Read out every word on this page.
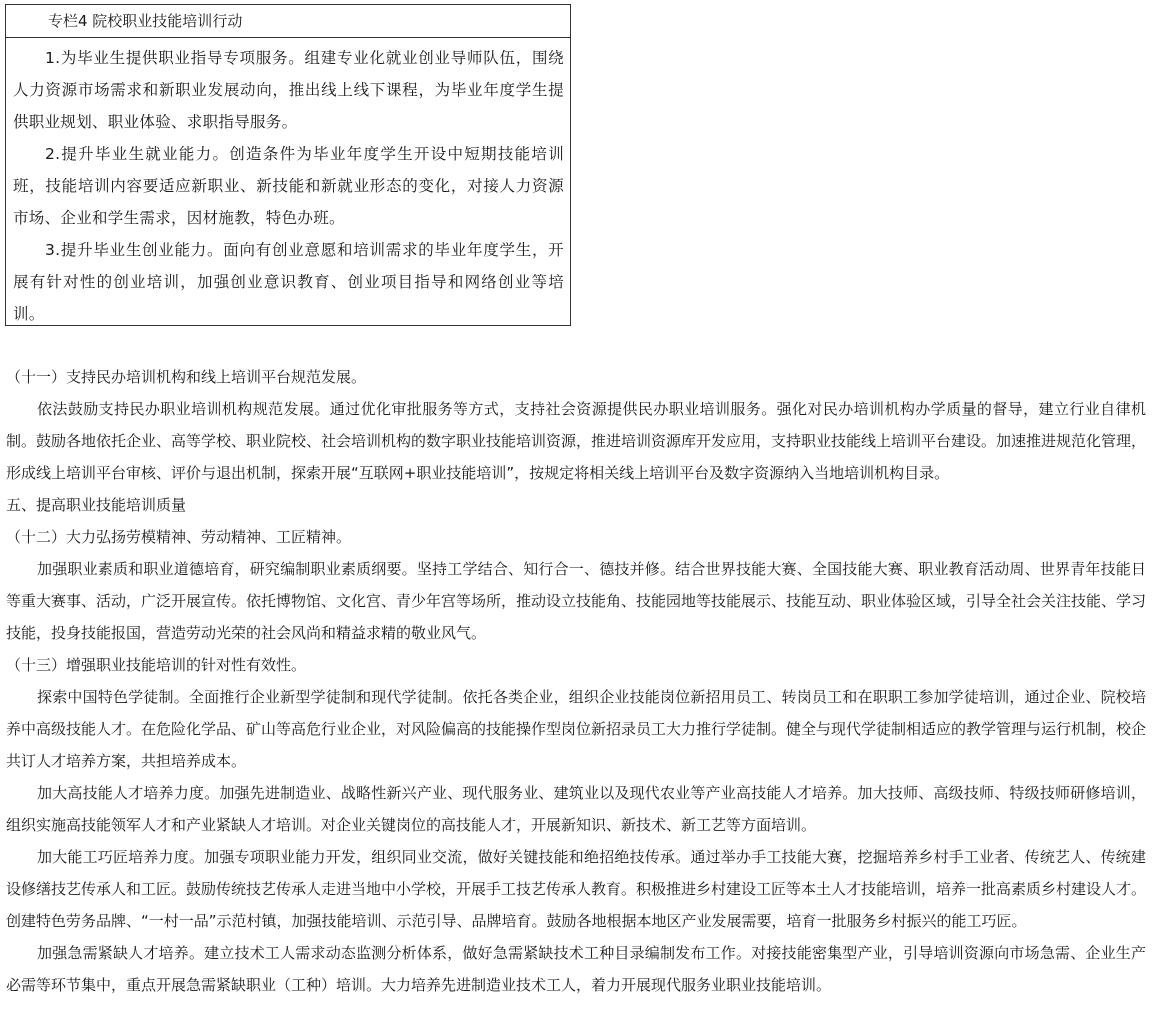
专栏4 院校职业技能培训行动

1.为毕业生提供职业指导专项服务。组建专业化就业创业导师队伍，围绕人力资源市场需求和新职业发展动向，推出线上线下课程，为毕业年度学生提供职业规划、职业体验、求职指导服务。

2.提升毕业生就业能力。创造条件为毕业年度学生开设中短期技能培训班，技能培训内容要适应新职业、新技能和新就业形态的变化，对接人力资源市场、企业和学生需求，因材施教，特色办班。

3.提升毕业生创业能力。面向有创业意愿和培训需求的毕业年度学生，开展有针对性的创业培训，加强创业意识教育、创业项目指导和网络创业等培训。

（十一）支持民办培训机构和线上培训平台规范发展。

依法鼓励支持民办职业培训机构规范发展。通过优化审批服务等方式，支持社会资源提供民办职业培训服务。强化对民办培训机构办学质量的督导，建立行业自律机制。鼓励各地依托企业、高等学校、职业院校、社会培训机构的数字职业技能培训资源，推进培训资源库开发应用，支持职业技能线上培训平台建设。加速推进规范化管理，形成线上培训平台审核、评价与退出机制，探索开展“互联网+职业技能培训”，按规定将相关线上培训平台及数字资源纳入当地培训机构目录。

五、提高职业技能培训质量

（十二）大力弘扬劳模精神、劳动精神、工匠精神。

加强职业素质和职业道德培育，研究编制职业素质纲要。坚持工学结合、知行合一、德技并修。结合世界技能大赛、全国技能大赛、职业教育活动周、世界青年技能日等重大赛事、活动，广泛开展宣传。依托博物馆、文化宫、青少年宫等场所，推动设立技能角、技能园地等技能展示、技能互动、职业体验区域，引导全社会关注技能、学习技能，投身技能报国，营造劳动光荣的社会风尚和精益求精的敬业风气。

（十三）增强职业技能培训的针对性有效性。

探索中国特色学徒制。全面推行企业新型学徒制和现代学徒制。依托各类企业，组织企业技能岗位新招用员工、转岗员工和在职职工参加学徒培训，通过企业、院校培养中高级技能人才。在危险化学品、矿山等高危行业企业，对风险偏高的技能操作型岗位新招录员工大力推行学徒制。健全与现代学徒制相适应的教学管理与运行机制，校企共订人才培养方案，共担培养成本。

加大高技能人才培养力度。加强先进制造业、战略性新兴产业、现代服务业、建筑业以及现代农业等产业高技能人才培养。加大技师、高级技师、特级技师研修培训，组织实施高技能领军人才和产业紧缺人才培训。对企业关键岗位的高技能人才，开展新知识、新技术、新工艺等方面培训。

加大能工巧匠培养力度。加强专项职业能力开发，组织同业交流，做好关键技能和绝招绝技传承。通过举办手工技能大赛，挖掘培养乡村手工业者、传统艺人、传统建设修缮技艺传承人和工匠。鼓励传统技艺传承人走进当地中小学校，开展手工技艺传承人教育。积极推进乡村建设工匠等本土人才技能培训，培养一批高素质乡村建设人才。创建特色劳务品牌、“一村一品”示范村镇，加强技能培训、示范引导、品牌培育。鼓励各地根据本地区产业发展需要，培育一批服务乡村振兴的能工巧匠。

加强急需紧缺人才培养。建立技术工人需求动态监测分析体系，做好急需紧缺技术工种目录编制发布工作。对接技能密集型产业，引导培训资源向市场急需、企业生产必需等环节集中，重点开展急需紧缺职业（工种）培训。大力培养先进制造业技术工人，着力开展现代服务业职业技能培训。
